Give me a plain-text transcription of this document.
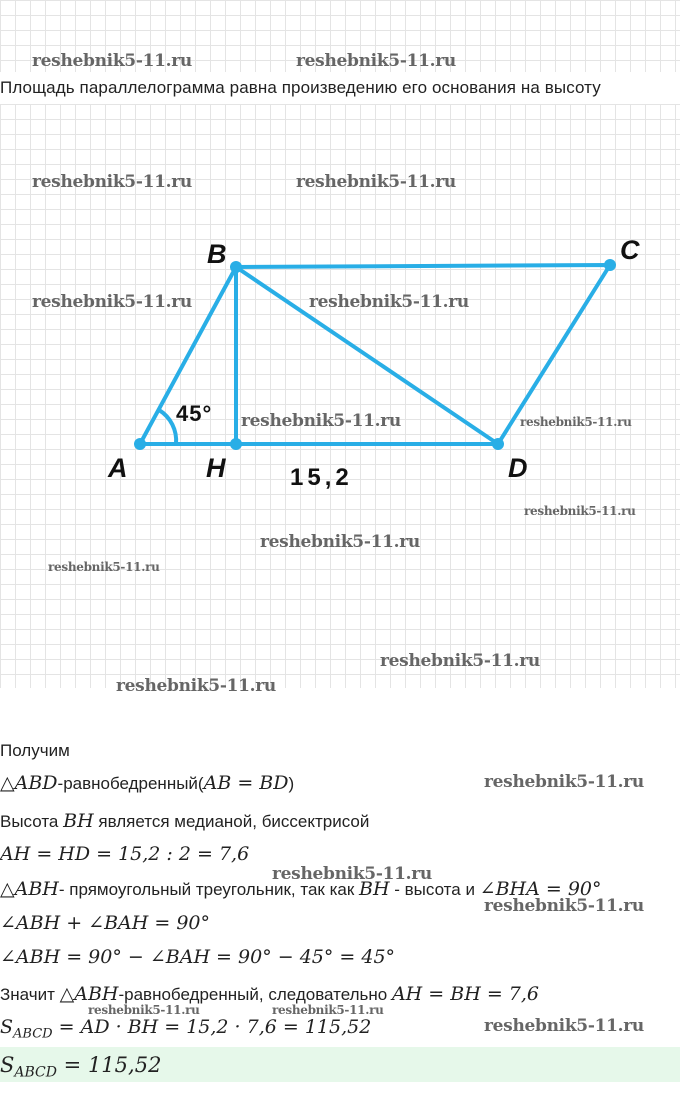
Площадь параллелограмма равна произведению его основания на высоту
A
B	C
D
H
45°
15,2
reshebnik5-11.ru	reshebnik5-11.ru
reshebnik5-11.ru	reshebnik5-11.ru
reshebnik5-11.ru	reshebnik5-11.ru
reshebnik5-11.ru	reshebnik5-11.ru
reshebnik5-11.ru
reshebnik5-11.ru
reshebnik5-11.ru
reshebnik5-11.ru
reshebnik5-11.ru
Получим
△ABD-равнобедренный(AB = BD)
Высота BH является медианой, биссектрисой
AH = HD = 15,2 : 2 = 7,6
△ABH- прямоугольный треугольник, так как BH - высота и ∠BHA = 90°
∠ABH + ∠BAH = 90°
∠ABH = 90° − ∠BAH = 90° − 45° = 45°
Значит △ABH-равнобедренный, следовательно AH = BH = 7,6
$S_{ABCD}$ = AD · BH = 15,2 · 7,6 = 115,52
$S_{ABCD} = 115,52$
reshebnik5-11.ru
reshebnik5-11.ru
reshebnik5-11.ru
reshebnik5-11.ru	reshebnik5-11.ru
reshebnik5-11.ru
